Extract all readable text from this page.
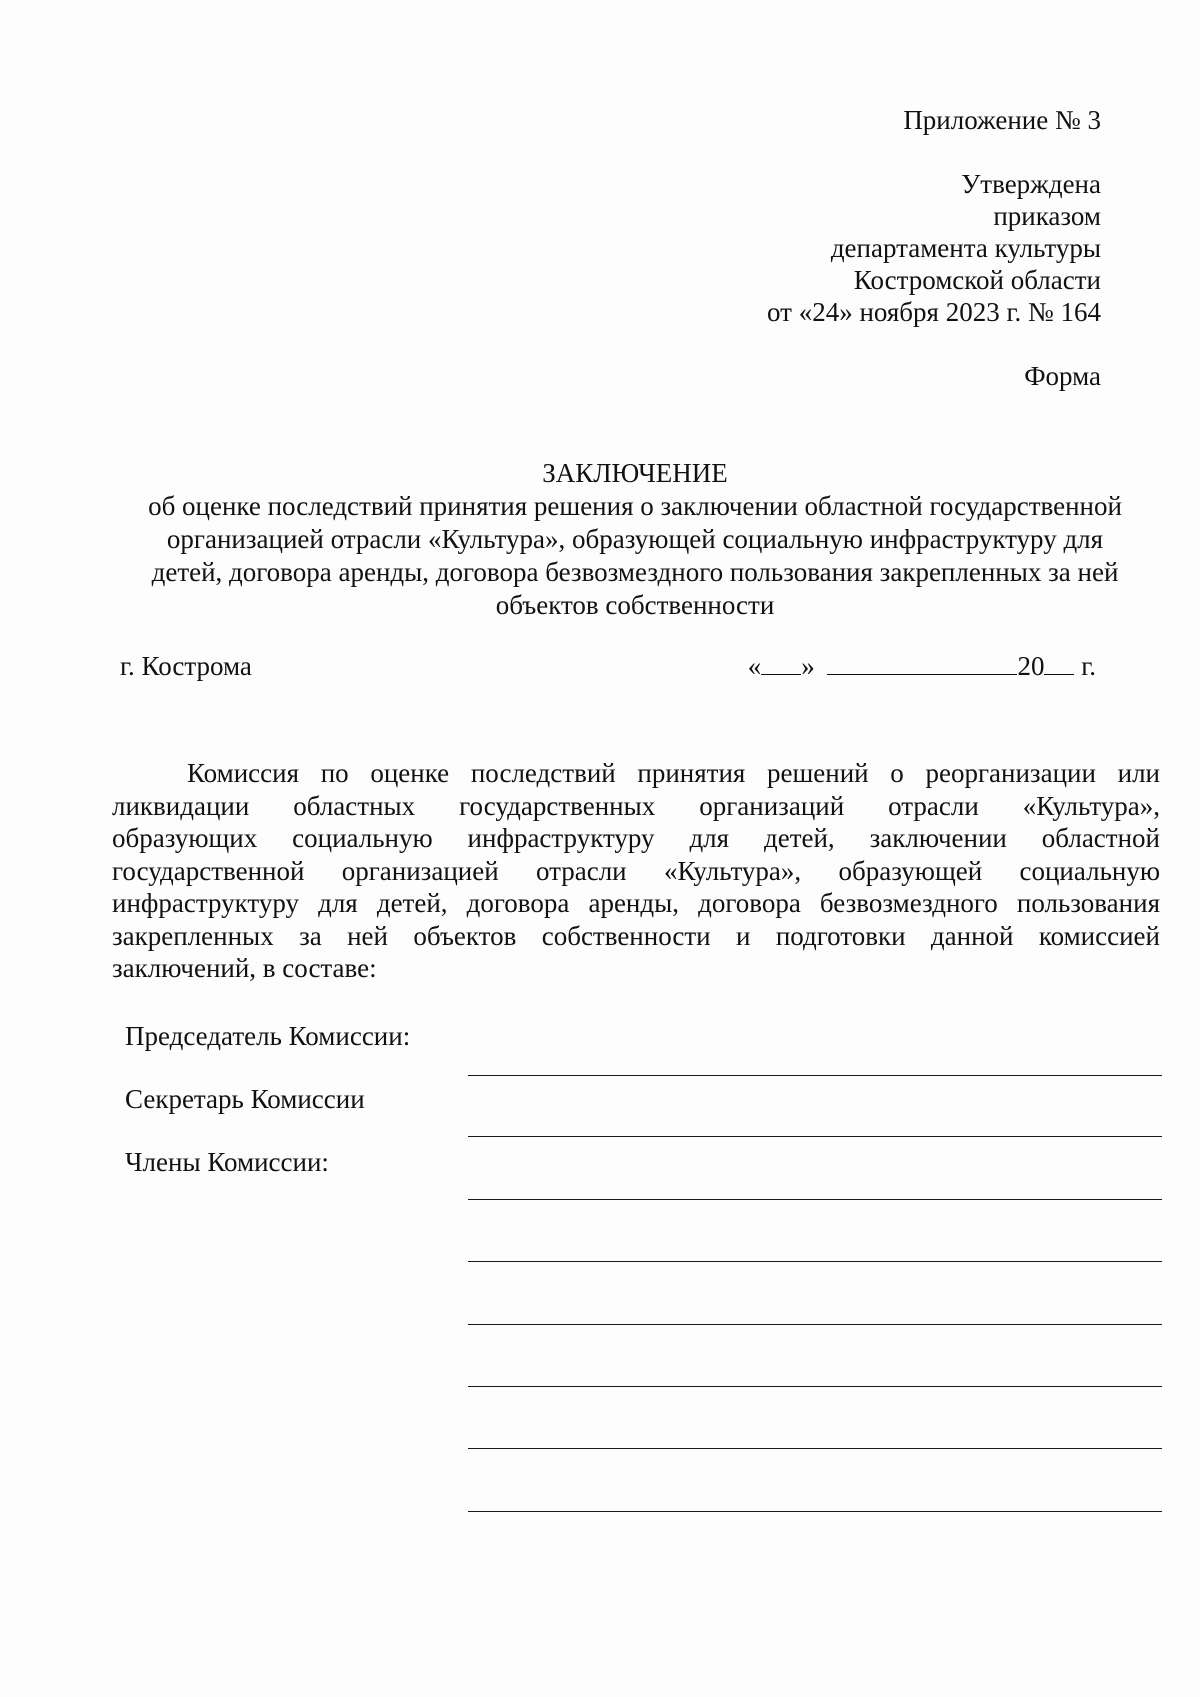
Приложение № 3
Утверждена
приказом
департамента культуры
Костромской области
от «24» ноября 2023 г. № 164
Форма
ЗАКЛЮЧЕНИЕ
об оценке последствий принятия решения о заключении областной государственной
организацией отрасли «Культура», образующей социальную инфраструктуру для
детей, договора аренды, договора безвозмездного пользования закрепленных за ней
объектов собственности
г. Кострома	« »	20 г.
Комиссия по оценке последствий принятия решений о реорганизации или
ликвидации областных государственных организаций отрасли «Культура»,
образующих социальную инфраструктуру для детей, заключении областной
государственной организацией отрасли «Культура», образующей социальную
инфраструктуру для детей, договора аренды, договора безвозмездного пользования
закрепленных за ней объектов собственности и подготовки данной комиссией
заключений, в составе:
Председатель Комиссии:
Секретарь Комиссии
Члены Комиссии:
